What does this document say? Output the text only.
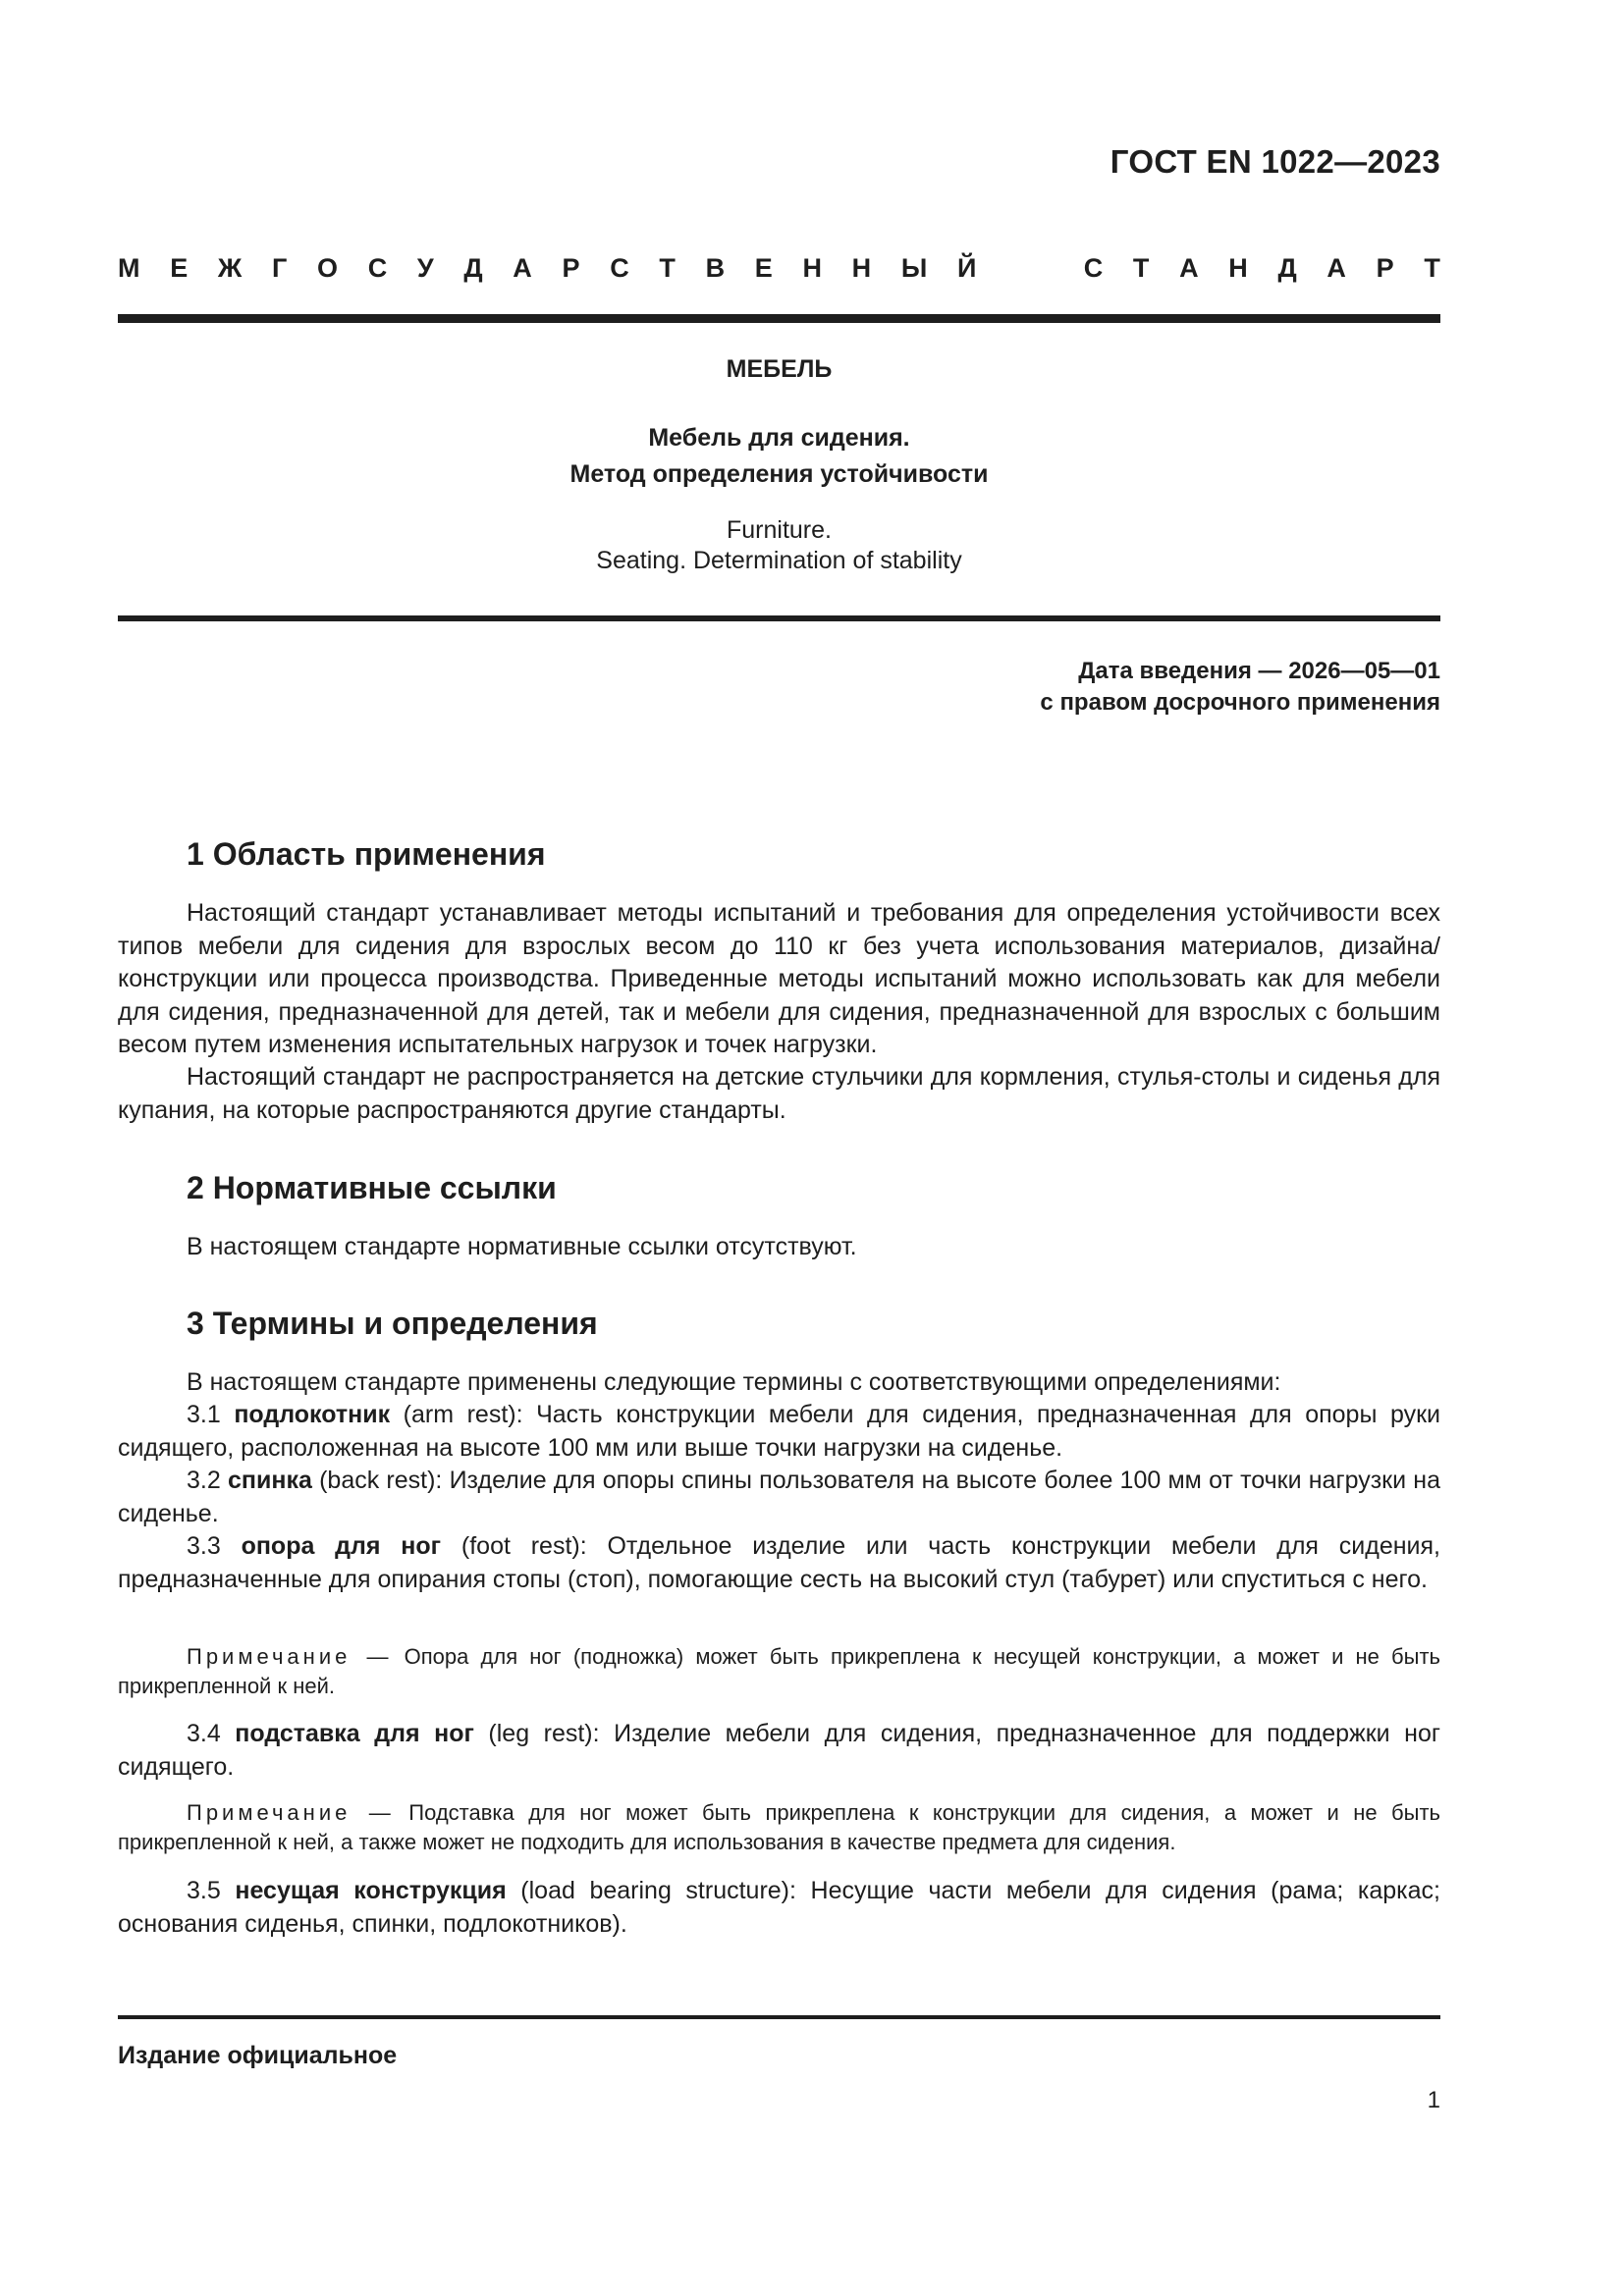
ГОСТ EN 1022—2023
М Е Ж Г О С У Д А Р С Т В Е Н Н Ы Й	С Т А Н Д А Р Т
МЕБЕЛЬ
Мебель для сидения.
Метод определения устойчивости
Furniture.
Seating. Determination of stability
Дата введения — 2026—05—01
с правом досрочного применения
1 Область применения
Настоящий стандарт устанавливает методы испытаний и требования для определения устойчивости всех типов мебели для сидения для взрослых весом до 110 кг без учета использования материалов, дизайна/конструкции или процесса производства. Приведенные методы испытаний можно использовать как для мебели для сидения, предназначенной для детей, так и мебели для сидения, предназначенной для взрослых с большим весом путем изменения испытательных нагрузок и точек нагрузки.
Настоящий стандарт не распространяется на детские стульчики для кормления, стулья-столы и сиденья для купания, на которые распространяются другие стандарты.
2 Нормативные ссылки
В настоящем стандарте нормативные ссылки отсутствуют.
3 Термины и определения
В настоящем стандарте применены следующие термины с соответствующими определениями:
3.1 подлокотник (arm rest): Часть конструкции мебели для сидения, предназначенная для опоры руки сидящего, расположенная на высоте 100 мм или выше точки нагрузки на сиденье.
3.2 спинка (back rest): Изделие для опоры спины пользователя на высоте более 100 мм от точки нагрузки на сиденье.
3.3 опора для ног (foot rest): Отдельное изделие или часть конструкции мебели для сидения, предназначенные для опирания стопы (стоп), помогающие сесть на высокий стул (табурет) или спуститься с него.
Примечание — Опора для ног (подножка) может быть прикреплена к несущей конструкции, а может и не быть прикрепленной к ней.
3.4 подставка для ног (leg rest): Изделие мебели для сидения, предназначенное для поддержки ног сидящего.
Примечание — Подставка для ног может быть прикреплена к конструкции для сидения, а может и не быть прикрепленной к ней, а также может не подходить для использования в качестве предмета для сидения.
3.5 несущая конструкция (load bearing structure): Несущие части мебели для сидения (рама; каркас; основания сиденья, спинки, подлокотников).
Издание официальное
1
